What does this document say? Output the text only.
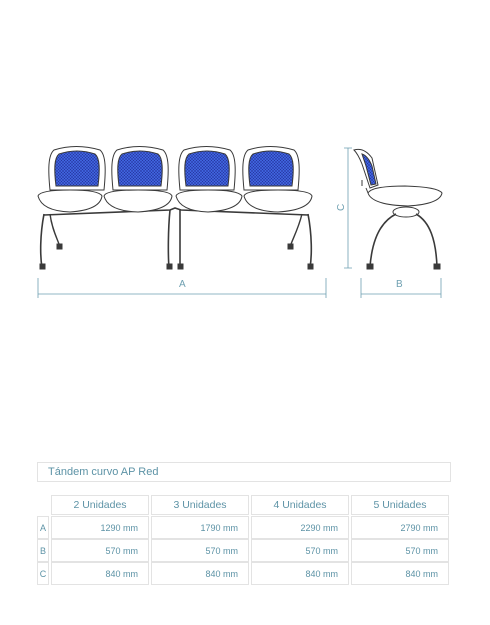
A	B
C
Tándem curvo AP Red
2 Unidades	3 Unidades	4 Unidades	5 Unidades
A	1290 mm	1790 mm	2290 mm	2790 mm
B	570 mm	570 mm	570 mm	570 mm
C	840 mm	840 mm	840 mm	840 mm
